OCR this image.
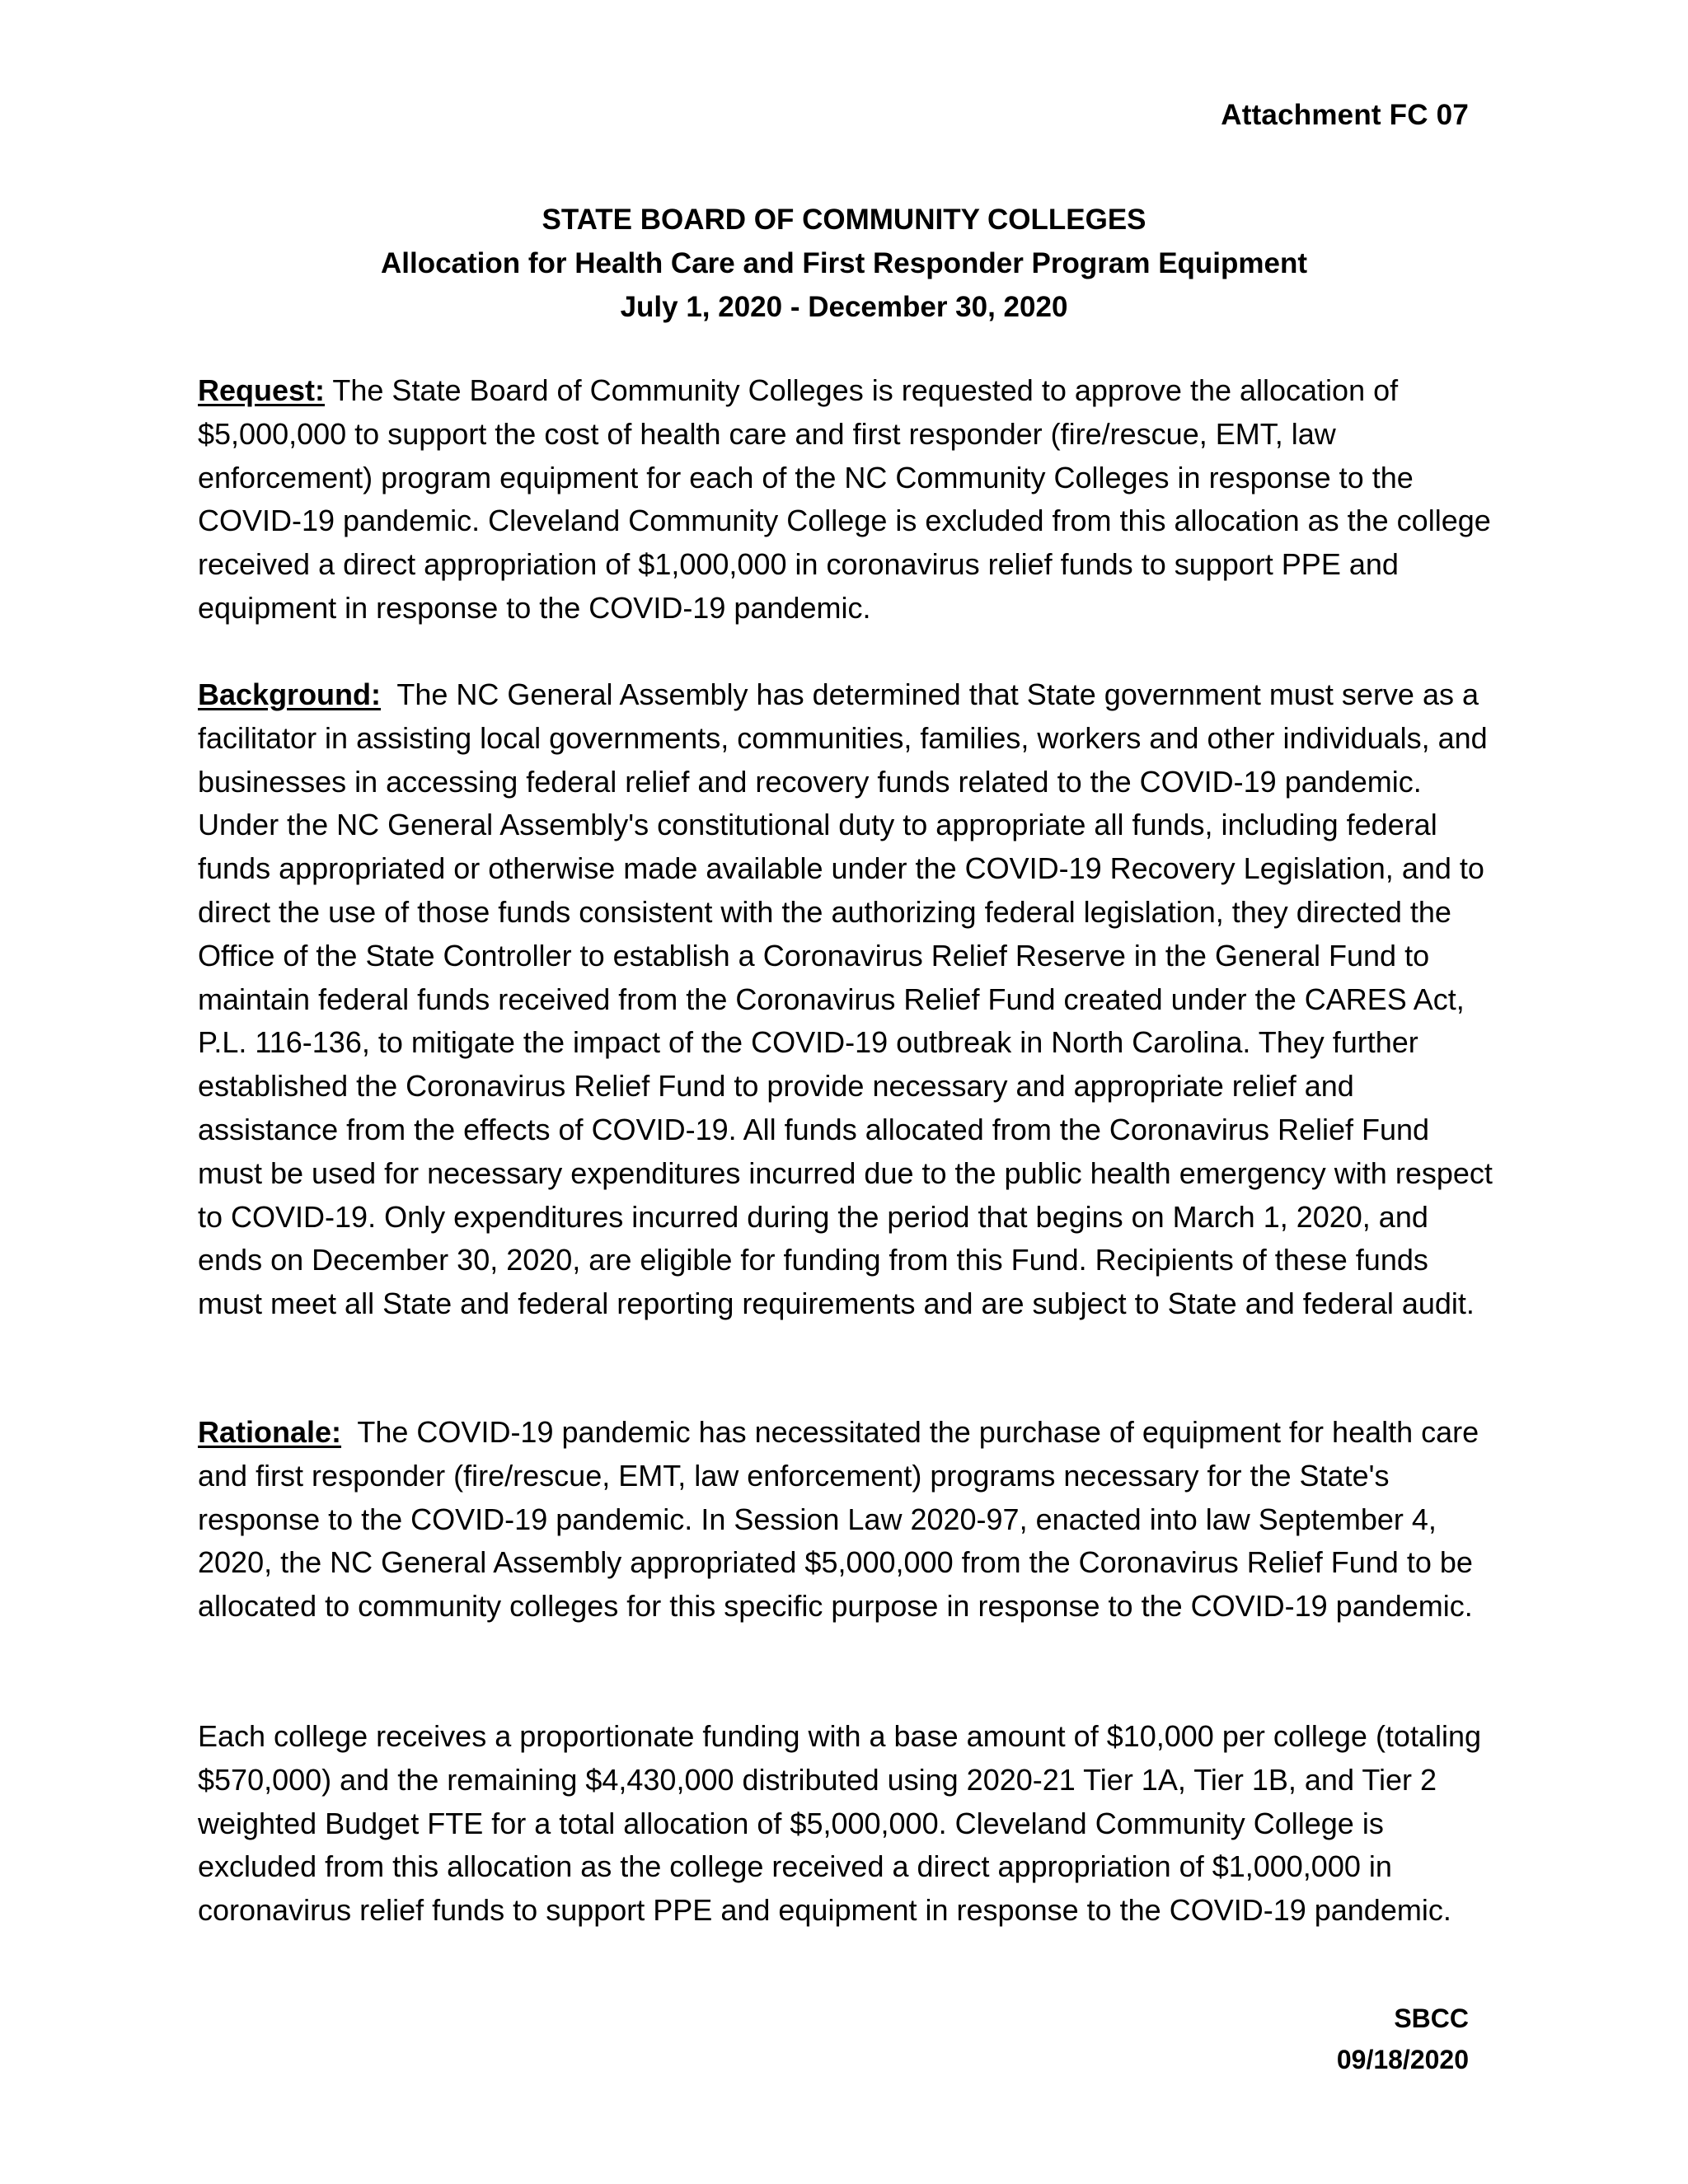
Attachment FC 07
STATE BOARD OF COMMUNITY COLLEGES
Allocation for Health Care and First Responder Program Equipment
July 1, 2020 - December 30, 2020
Request: The State Board of Community Colleges is requested to approve the allocation of $5,000,000 to support the cost of health care and first responder (fire/rescue, EMT, law enforcement) program equipment for each of the NC Community Colleges in response to the COVID-19 pandemic. Cleveland Community College is excluded from this allocation as the college received a direct appropriation of $1,000,000 in coronavirus relief funds to support PPE and equipment in response to the COVID-19 pandemic.
Background: The NC General Assembly has determined that State government must serve as a facilitator in assisting local governments, communities, families, workers and other individuals, and businesses in accessing federal relief and recovery funds related to the COVID-19 pandemic. Under the NC General Assembly's constitutional duty to appropriate all funds, including federal funds appropriated or otherwise made available under the COVID-19 Recovery Legislation, and to direct the use of those funds consistent with the authorizing federal legislation, they directed the Office of the State Controller to establish a Coronavirus Relief Reserve in the General Fund to maintain federal funds received from the Coronavirus Relief Fund created under the CARES Act, P.L. 116-136, to mitigate the impact of the COVID-19 outbreak in North Carolina. They further established the Coronavirus Relief Fund to provide necessary and appropriate relief and assistance from the effects of COVID-19. All funds allocated from the Coronavirus Relief Fund must be used for necessary expenditures incurred due to the public health emergency with respect to COVID-19. Only expenditures incurred during the period that begins on March 1, 2020, and ends on December 30, 2020, are eligible for funding from this Fund. Recipients of these funds must meet all State and federal reporting requirements and are subject to State and federal audit.
Rationale: The COVID-19 pandemic has necessitated the purchase of equipment for health care and first responder (fire/rescue, EMT, law enforcement) programs necessary for the State's response to the COVID-19 pandemic. In Session Law 2020-97, enacted into law September 4, 2020, the NC General Assembly appropriated $5,000,000 from the Coronavirus Relief Fund to be allocated to community colleges for this specific purpose in response to the COVID-19 pandemic.
Each college receives a proportionate funding with a base amount of $10,000 per college (totaling $570,000) and the remaining $4,430,000 distributed using 2020-21 Tier 1A, Tier 1B, and Tier 2 weighted Budget FTE for a total allocation of $5,000,000. Cleveland Community College is excluded from this allocation as the college received a direct appropriation of $1,000,000 in coronavirus relief funds to support PPE and equipment in response to the COVID-19 pandemic.
SBCC
09/18/2020
